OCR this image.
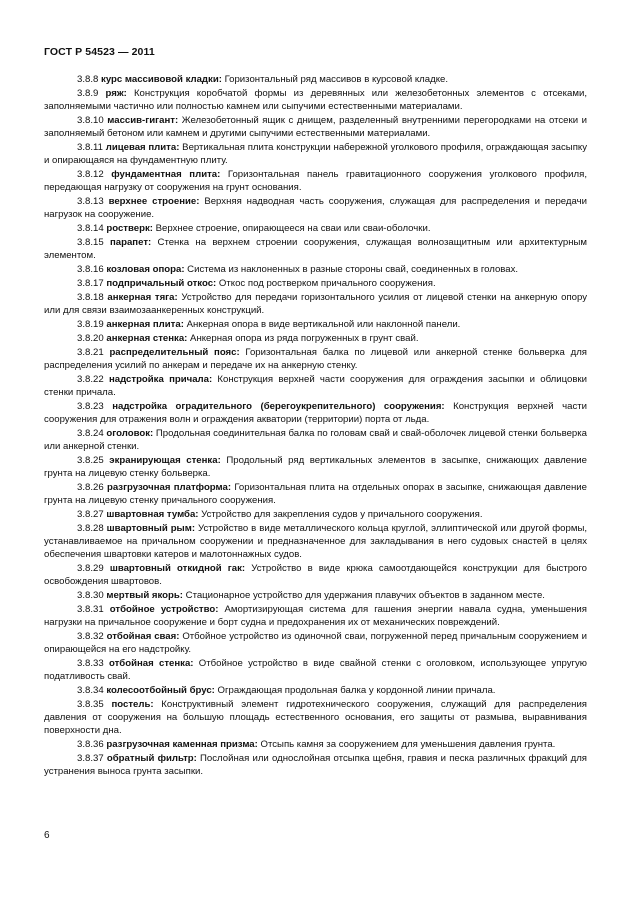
ГОСТ Р 54523 — 2011

3.8.8 курс массивовой кладки: Горизонтальный ряд массивов в курсовой кладке.

3.8.9 ряж: Конструкция коробчатой формы из деревянных или железобетонных элементов с отсеками, заполняемыми частично или полностью камнем или сыпучими естественными материалами.

3.8.10 массив-гигант: Железобетонный ящик с днищем, разделенный внутренними перегородками на отсеки и заполняемый бетоном или камнем и другими сыпучими естественными материалами.

3.8.11 лицевая плита: Вертикальная плита конструкции набережной уголкового профиля, ограждающая засыпку и опирающаяся на фундаментную плиту.

3.8.12 фундаментная плита: Горизонтальная панель гравитационного сооружения уголкового профиля, передающая нагрузку от сооружения на грунт основания.

3.8.13 верхнее строение: Верхняя надводная часть сооружения, служащая для распределения и передачи нагрузок на сооружение.

3.8.14 ростверк: Верхнее строение, опирающееся на сваи или сваи-оболочки.

3.8.15 парапет: Стенка на верхнем строении сооружения, служащая волнозащитным или архитектурным элементом.

3.8.16 козловая опора: Система из наклоненных в разные стороны свай, соединенных в головах.

3.8.17 подпричальный откос: Откос под ростверком причального сооружения.

3.8.18 анкерная тяга: Устройство для передачи горизонтального усилия от лицевой стенки на анкерную опору или для связи взаимозаанкеренных конструкций.

3.8.19 анкерная плита: Анкерная опора в виде вертикальной или наклонной панели.

3.8.20 анкерная стенка: Анкерная опора из ряда погруженных в грунт свай.

3.8.21 распределительный пояс: Горизонтальная балка по лицевой или анкерной стенке больверка для распределения усилий по анкерам и передаче их на анкерную стенку.

3.8.22 надстройка причала: Конструкция верхней части сооружения для ограждения засыпки и облицовки стенки причала.

3.8.23 надстройка оградительного (берегоукрепительного) сооружения: Конструкция верхней части сооружения для отражения волн и ограждения акватории (территории) порта от льда.

3.8.24 оголовок: Продольная соединительная балка по головам свай и свай-оболочек лицевой стенки больверка или анкерной стенки.

3.8.25 экранирующая стенка: Продольный ряд вертикальных элементов в засыпке, снижающих давление грунта на лицевую стенку больверка.

3.8.26 разгрузочная платформа: Горизонтальная плита на отдельных опорах в засыпке, снижающая давление грунта на лицевую стенку причального сооружения.

3.8.27 швартовная тумба: Устройство для закрепления судов у причального сооружения.

3.8.28 швартовный рым: Устройство в виде металлического кольца круглой, эллиптической или другой формы, устанавливаемое на причальном сооружении и предназначенное для закладывания в него судовых снастей в целях обеспечения швартовки катеров и малотоннажных судов.

3.8.29 швартовный откидной гак: Устройство в виде крюка самоотдающейся конструкции для быстрого освобождения швартовов.

3.8.30 мертвый якорь: Стационарное устройство для удержания плавучих объектов в заданном месте.

3.8.31 отбойное устройство: Амортизирующая система для гашения энергии навала судна, уменьшения нагрузки на причальное сооружение и борт судна и предохранения их от механических повреждений.

3.8.32 отбойная свая: Отбойное устройство из одиночной сваи, погруженной перед причальным сооружением и опирающейся на его надстройку.

3.8.33 отбойная стенка: Отбойное устройство в виде свайной стенки с оголовком, использующее упругую податливость свай.

3.8.34 колесоотбойный брус: Ограждающая продольная балка у кордонной линии причала.

3.8.35 постель: Конструктивный элемент гидротехнического сооружения, служащий для распределения давления от сооружения на большую площадь естественного основания, его защиты от размыва, выравнивания поверхности дна.

3.8.36 разгрузочная каменная призма: Отсыпь камня за сооружением для уменьшения давления грунта.

3.8.37 обратный фильтр: Послойная или однослойная отсыпка щебня, гравия и песка различных фракций для устранения выноса грунта засыпки.

6
